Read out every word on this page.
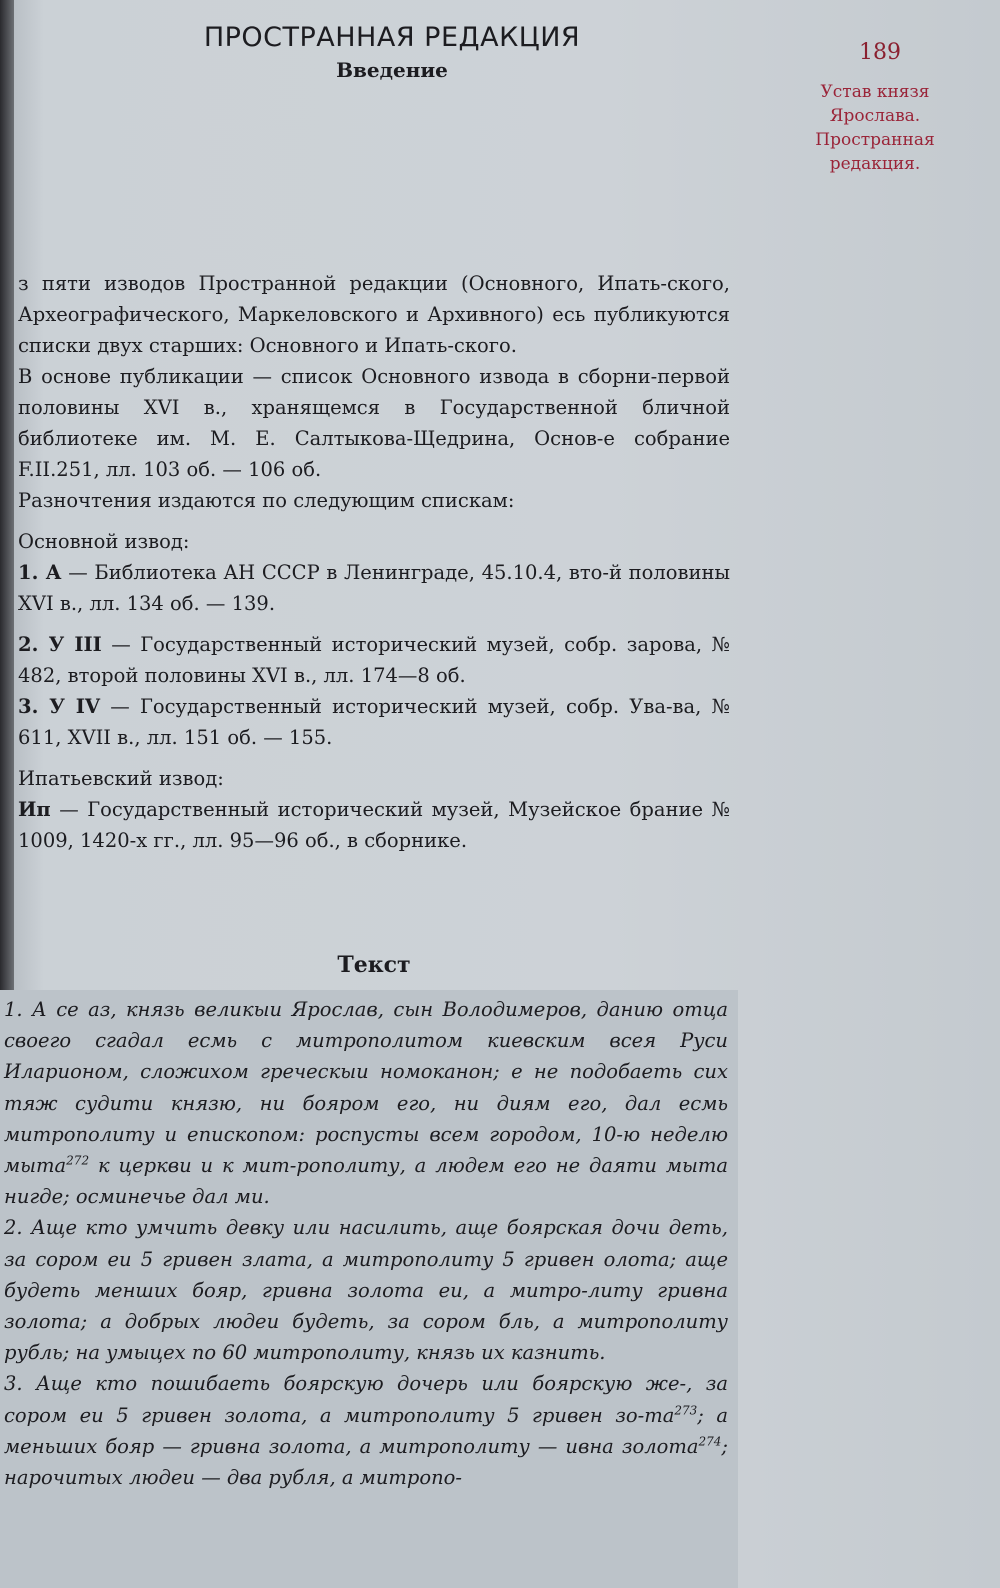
ПРОСТРАННАЯ РЕДАКЦИЯ
Введение
189
Устав князя
Ярослава.
Пространная
редакция.

з пяти изводов Пространной редакции (Основного, Ипать-ского, Археографического, Маркеловского и Архивного) есь публикуются списки двух старших: Основного и Ипать-ского.

В основе публикации — список Основного извода в сборни-первой половины XVI в., хранящемся в Государственной бличной библиотеке им. М. Е. Салтыкова-Щедрина, Основ-е собрание F.II.251, лл. 103 об. — 106 об.

Разночтения издаются по следующим спискам:

Основной извод:

1. А — Библиотека АН СССР в Ленинграде, 45.10.4, вто-й половины XVI в., лл. 134 об. — 139.

2. У III — Государственный исторический музей, собр. зарова, № 482, второй половины XVI в., лл. 174—8 об.

3. У IV — Государственный исторический музей, собр. Ува-ва, № 611, XVII в., лл. 151 об. — 155.

Ипатьевский извод:

Ип — Государственный исторический музей, Музейское брание № 1009, 1420-х гг., лл. 95—96 об., в сборнике.

Текст

1. А се аз, князь великыи Ярослав, сын Володимеров, данию отца своего сгадал есмь с митрополитом киевским всея Руси Иларионом, сложихом греческыи номоканон; е не подобаеть сих тяж судити князю, ни бояром его, ни диям его, дал есмь митрополиту и епископом: роспусты всем городом, 10-ю неделю мыта$^{272}$ к церкви и к мит-рополиту, а людем его не даяти мыта нигде; осминечье дал ми.

2. Аще кто умчить девку или насилить, аще боярская дочи деть, за сором еи 5 гривен злата, а митрополиту 5 гривен олота; аще будеть менших бояр, гривна золота еи, а митро-литу гривна золота; а добрых людеи будеть, за сором бль, а митрополиту рубль; на умыцех по 60 митрополиту, князь их казнить.

3. Аще кто пошибаеть боярскую дочерь или боярскую же-, за сором еи 5 гривен золота, а митрополиту 5 гривен $зо-та^{273}$; а меньших бояр — гривна золота, а митрополиту — ивна золота$^{274}$; нарочитых людеи — два рубля, а митропо-
